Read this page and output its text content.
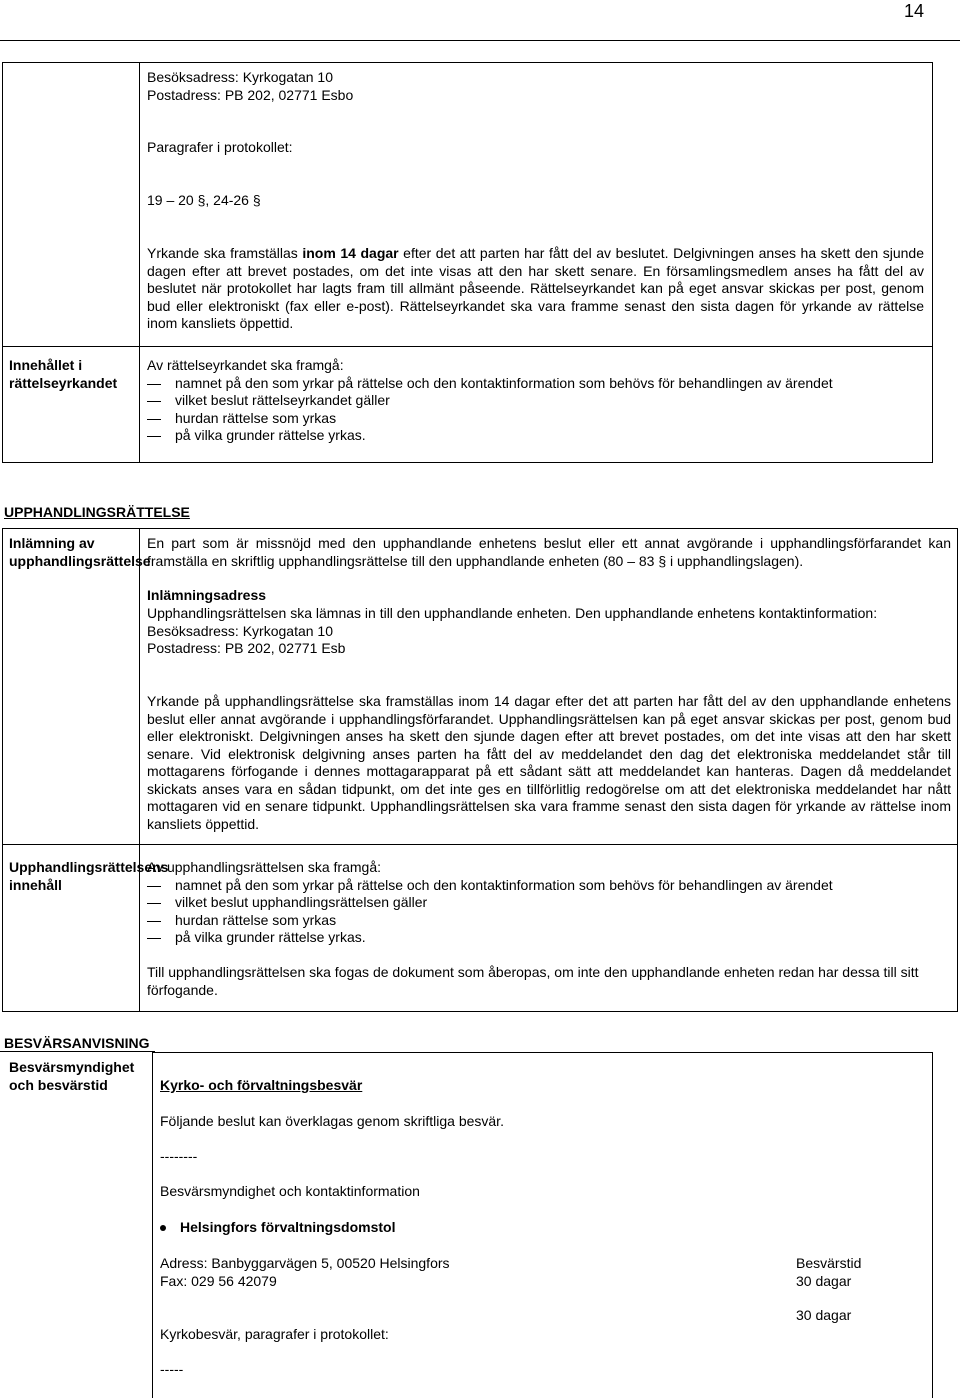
14

Besöksadress: Kyrkogatan 10

Postadress: PB 202, 02771 Esbo

Paragrafer i protokollet:
19 – 20 §, 24-26 §
Yrkande ska framställas inom 14 dagar efter det att parten har fått del av beslutet. Delgivningen anses ha skett den sjunde dagen efter att brevet postades, om det inte visas att den har skett senare. En församlingsmedlem anses ha fått del av beslutet när protokollet har lagts fram till allmänt påseende. Rättelseyrkandet kan på eget ansvar skickas per post, genom bud eller elektroniskt (fax eller e-post). Rättelseyrkandet ska vara framme senast den sista dagen för yrkande av rättelse inom kansliets öppettid.
Innehållet i rättelseyrkandet

Av rättelseyrkandet ska framgå:

namnet på den som yrkar på rättelse och den kontaktinformation som behövs för behandlingen av ärendet
vilket beslut rättelseyrkandet gäller
hurdan rättelse som yrkas
på vilka grunder rättelse yrkas.
UPPHANDLINGSRÄTTELSE
Inlämning av upphandlingsrättelse
En part som är missnöjd med den upphandlande enhetens beslut eller ett annat avgörande i upphandlingsförfarandet kan framställa en skriftlig upphandlingsrättelse till den upphandlande enheten (80 – 83 § i upphandlingslagen).
Inlämningsadress

Upphandlingsrättelsen ska lämnas in till den upphandlande enheten. Den upphandlande enhetens kontaktinformation:

Besöksadress: Kyrkogatan 10

Postadress: PB 202, 02771 Esb

Yrkande på upphandlingsrättelse ska framställas inom 14 dagar efter det att parten har fått del av den upphandlande enhetens beslut eller annat avgörande i upphandlingsförfarandet. Upphandlingsrättelsen kan på eget ansvar skickas per post, genom bud eller elektroniskt. Delgivningen anses ha skett den sjunde dagen efter att brevet postades, om det inte visas att den har skett senare. Vid elektronisk delgivning anses parten ha fått del av meddelandet den dag det elektroniska meddelandet står till mottagarens förfogande i dennes mottagarapparat på ett sådant sätt att meddelandet kan hanteras. Dagen då meddelandet skickats anses vara en sådan tidpunkt, om det inte ges en tillförlitlig redogörelse om att det elektroniska meddelandet har nått mottagaren vid en senare tidpunkt. Upphandlingsrättelsen ska vara framme senast den sista dagen för yrkande av rättelse inom kansliets öppettid.
Upphandlingsrättelsens innehåll

Av upphandlingsrättelsen ska framgå:

namnet på den som yrkar på rättelse och den kontaktinformation som behövs för behandlingen av ärendet
vilket beslut upphandlingsrättelsen gäller
hurdan rättelse som yrkas
på vilka grunder rättelse yrkas.
Till upphandlingsrättelsen ska fogas de dokument som åberopas, om inte den upphandlande enheten redan har dessa till sitt förfogande.
BESVÄRSANVISNING
Besvärsmyndighet och besvärstid	Kyrko- och förvaltningsbesvär
Följande beslut kan överklagas genom skriftliga besvär.
--------
Besvärsmyndighet och kontaktinformation
Helsingfors förvaltningsdomstol

Adress: Banbyggarvägen 5, 00520 Helsingfors

Fax: 029 56 42079

Besvärstid

30 dagar

30 dagar
Kyrkobesvär, paragrafer i protokollet:
-----
